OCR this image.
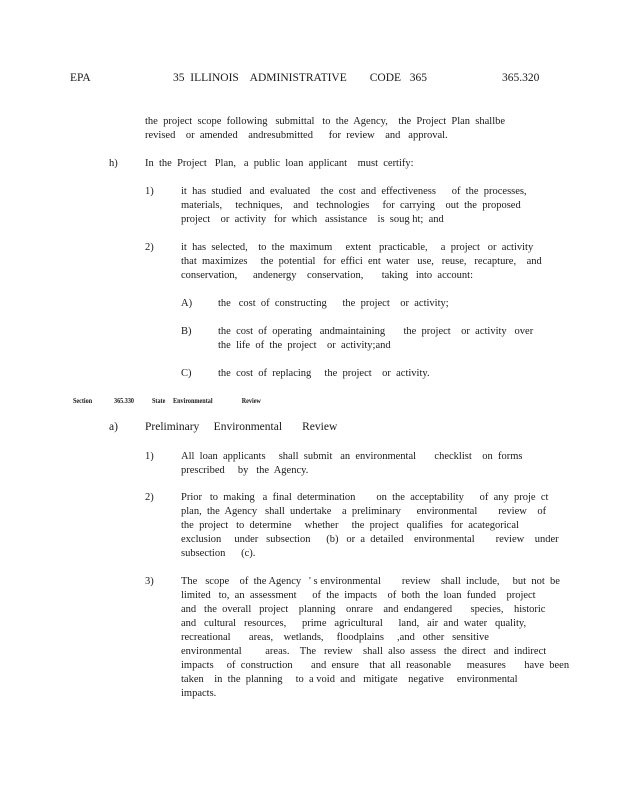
EPA	35  ILLINOIS    ADMINISTRATIVE        CODE   365	365.320
the  project  scope  following   submittal   to  the  Agency,    the  Project  Plan  shallbe
revised    or  amended    andresubmitted      for  review    and   approval.
h)	In  the  Project   Plan,   a  public  loan  applicant    must  certify:
1)	it  has  studied   and  evaluated    the  cost  and  effectiveness      of  the  processes,
materials,     techniques,    and   technologies     for  carrying    out  the  proposed
project    or  activity   for  which   assistance    is  soug ht;  and
2)	it  has  selected,    to  the  maximum     extent   practicable,     a  project   or  activity
that  maximizes     the  potential   for  effici  ent  water   use,   reuse,   recapture,    and
conservation,      andenergy    conservation,       taking   into  account:
A) the   cost  of  constructing      the  project    or  activity;
B)	the  cost  of  operating   andmaintaining       the  project    or  activity   over
the  life  of  the  project    or  activity;and
C)	the  cost  of  replacing     the  project    or  activity.
Section	365.330 State     Environmental                   Review
a) Preliminary     Environmental       Review
1)	All  loan  applicants     shall  submit   an  environmental       checklist    on  forms
prescribed     by   the  Agency.
2)	Prior   to  making   a  final  determination        on  the  acceptability      of  any  proje  ct
plan,  the  Agency   shall  undertake    a  preliminary      environmental        review    of
the  project   to  determine     whether     the  project   qualifies   for  acategorical
exclusion     under   subsection      (b)   or  a  detailed    environmental        review    under
subsection      (c).
3)	The   scope    of  the Agency   ' s environmental        review    shall  include,     but  not  be
limited   to,  an  assessment      of  the  impacts    of  both  the  loan  funded    project
and   the  overall   project    planning    onrare    and  endangered       species,    historic
and   cultural   resources,      prime   agricultural      land,   air  and  water   quality,
recreational       areas,    wetlands,     floodplains     ,and   other   sensitive
environmental         areas.    The   review    shall  also  assess   the  direct   and  indirect
impacts     of  construction       and  ensure    that  all  reasonable      measures       have  been
taken    in  the  planning     to  a void  and   mitigate    negative     environmental
impacts.
